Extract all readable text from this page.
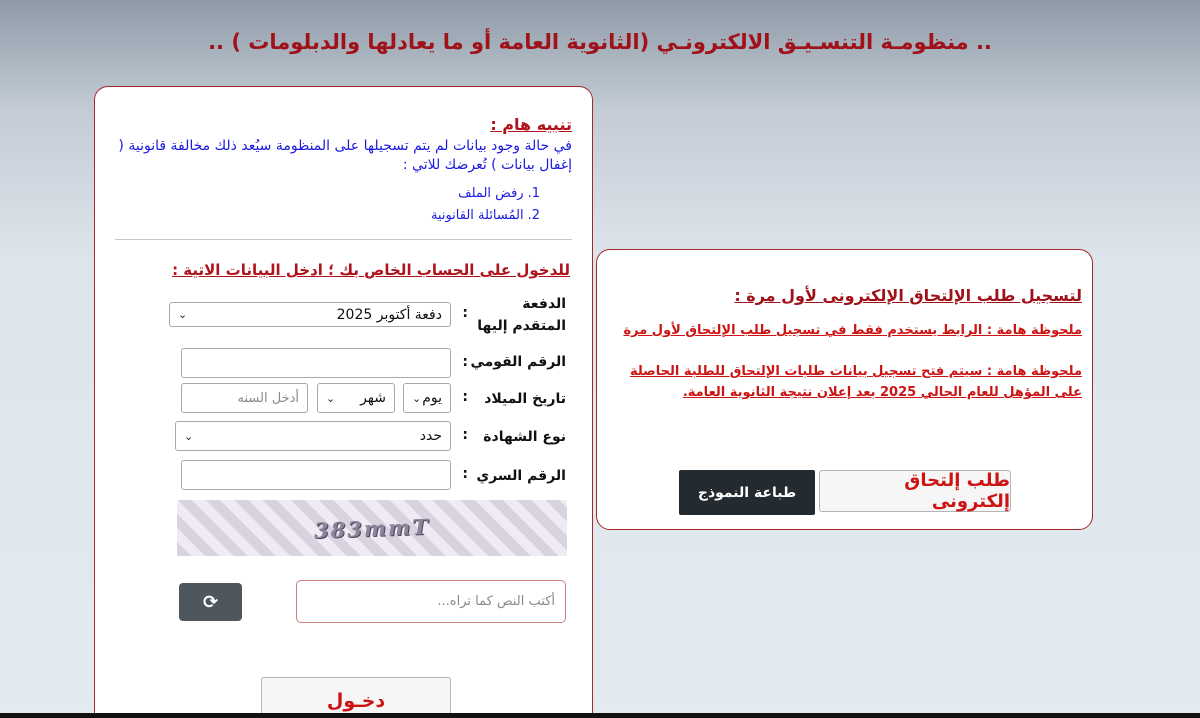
.. منظومـة التنسـيـق الالكترونـي (الثانوية العامة أو ما يعادلها والدبلومات ) ..
تنبيه هام :
في حالة وجود بيانات لم يتم تسجيلها على المنظومة سيُعد ذلك مخالفة قانونية ( إغفال بيانات ) تُعرضك للاتي :
1.
رفض الملف
2.
المُسائلة القانونية
للدخول على الحساب الخاص بك ؛ ادخل البيانات الاتية :
الدفعة
المتقدم إليها
:
دفعة أكتوبر 2025
⌄
الرقم القومي
:
تاريخ الميلاد
:
يوم
⌄
شهر
⌄
أدخل السنه
نوع الشهادة
:
حدد
⌄
الرقم السري
:
383mmT
⟳	أكتب النص كما تراه...
دخـول
لتسجيل طلب الإلتحاق الإلكترونى لأول مرة :
ملحوظة هامة : الرابط يستخدم فقط في تسجيل طلب الإلتحاق لأول مرة
ملحوظة هامة : سيتم فتح تسجيل بيانات طلبات الإلتحاق للطلبة الحاصلة
على المؤهل للعام الحالي 2025 بعد إعلان نتيجة الثانوية العامة.
طلب إلتحاق إلكترونى
طباعة النموذج
